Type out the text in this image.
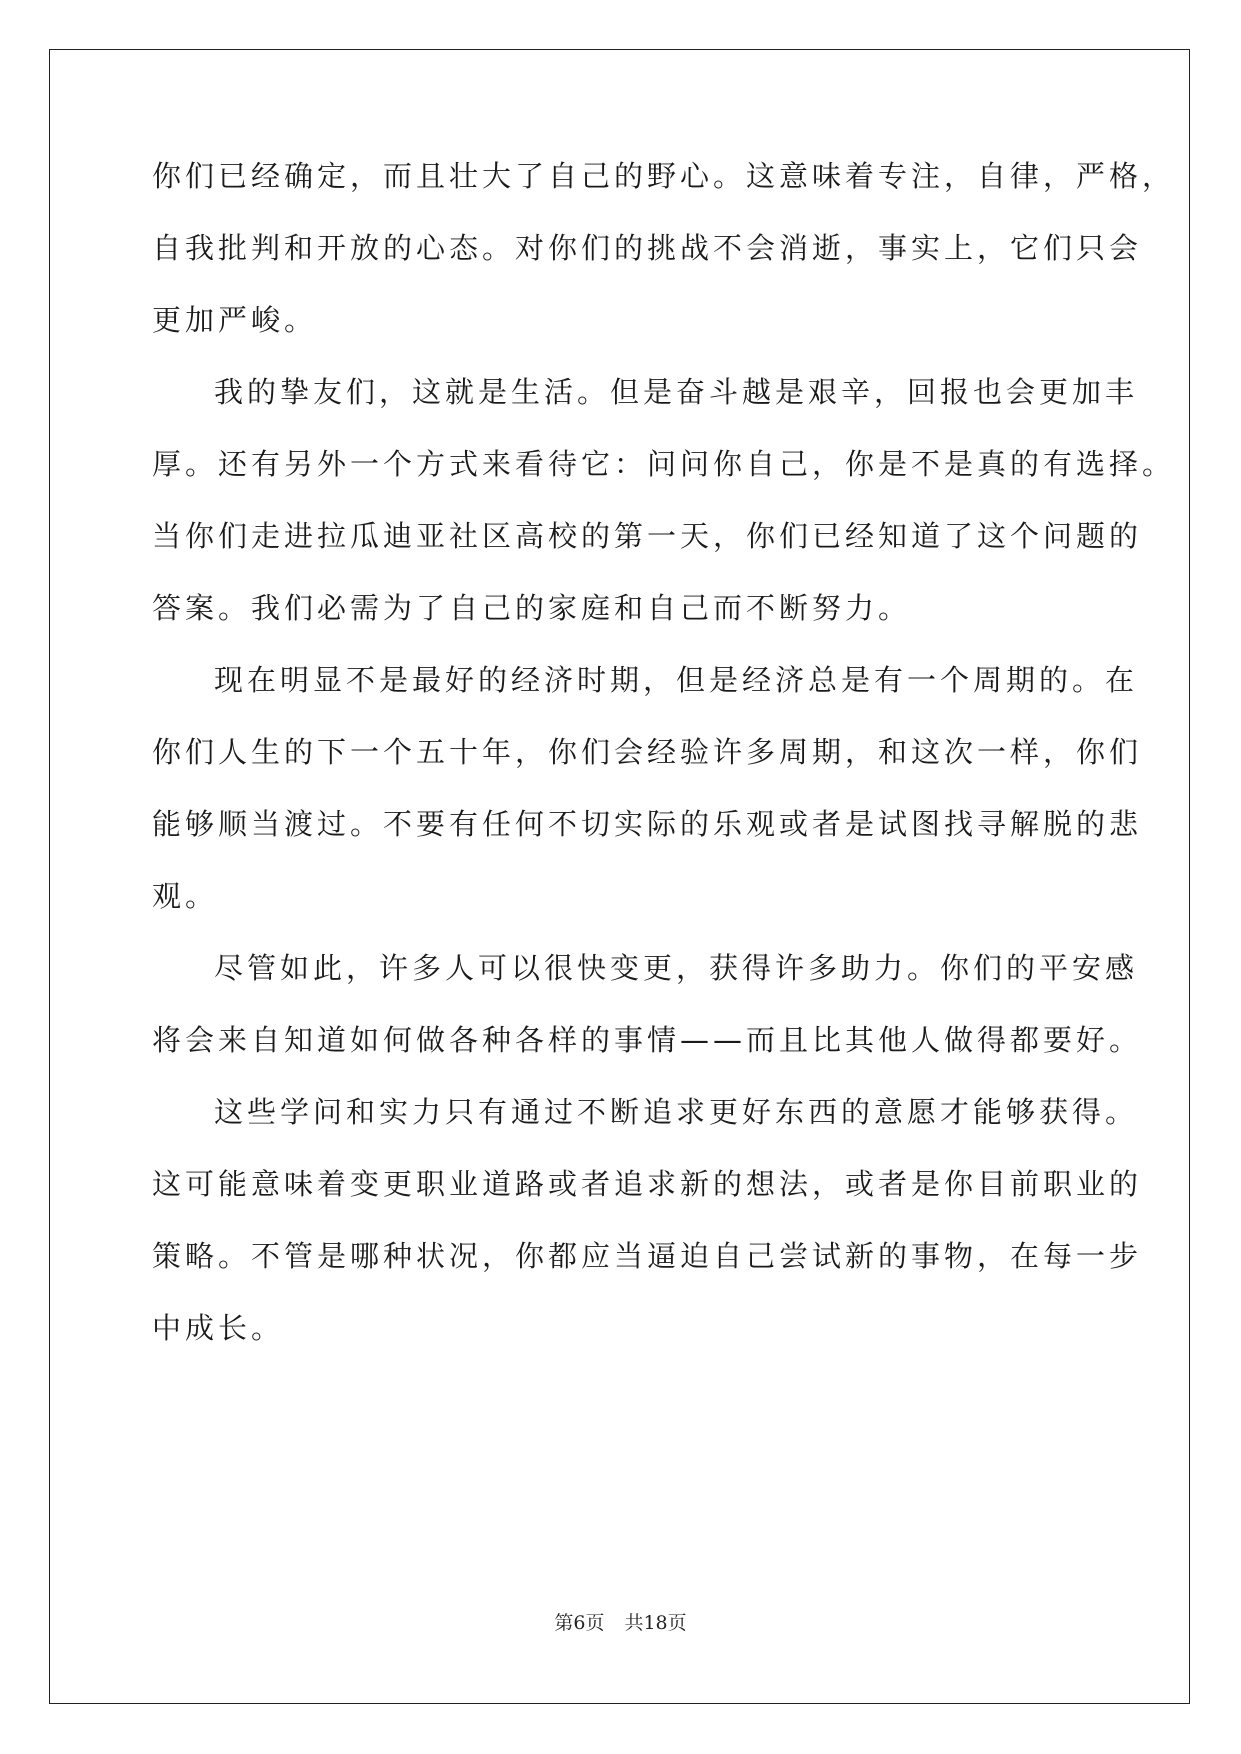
你们已经确定，而且壮大了自己的野心。这意味着专注，自律，严格，
自我批判和开放的心态。对你们的挑战不会消逝，事实上，它们只会
更加严峻。
我的挚友们，这就是生活。但是奋斗越是艰辛，回报也会更加丰
厚。还有另外一个方式来看待它：问问你自己，你是不是真的有选择。
当你们走进拉瓜迪亚社区高校的第一天，你们已经知道了这个问题的
答案。我们必需为了自己的家庭和自己而不断努力。
现在明显不是最好的经济时期，但是经济总是有一个周期的。在
你们人生的下一个五十年，你们会经验许多周期，和这次一样，你们
能够顺当渡过。不要有任何不切实际的乐观或者是试图找寻解脱的悲
观。
尽管如此，许多人可以很快变更，获得许多助力。你们的平安感
将会来自知道如何做各种各样的事情——而且比其他人做得都要好。
这些学问和实力只有通过不断追求更好东西的意愿才能够获得。
这可能意味着变更职业道路或者追求新的想法，或者是你目前职业的
策略。不管是哪种状况，你都应当逼迫自己尝试新的事物，在每一步
中成长。
第6页 共18页
